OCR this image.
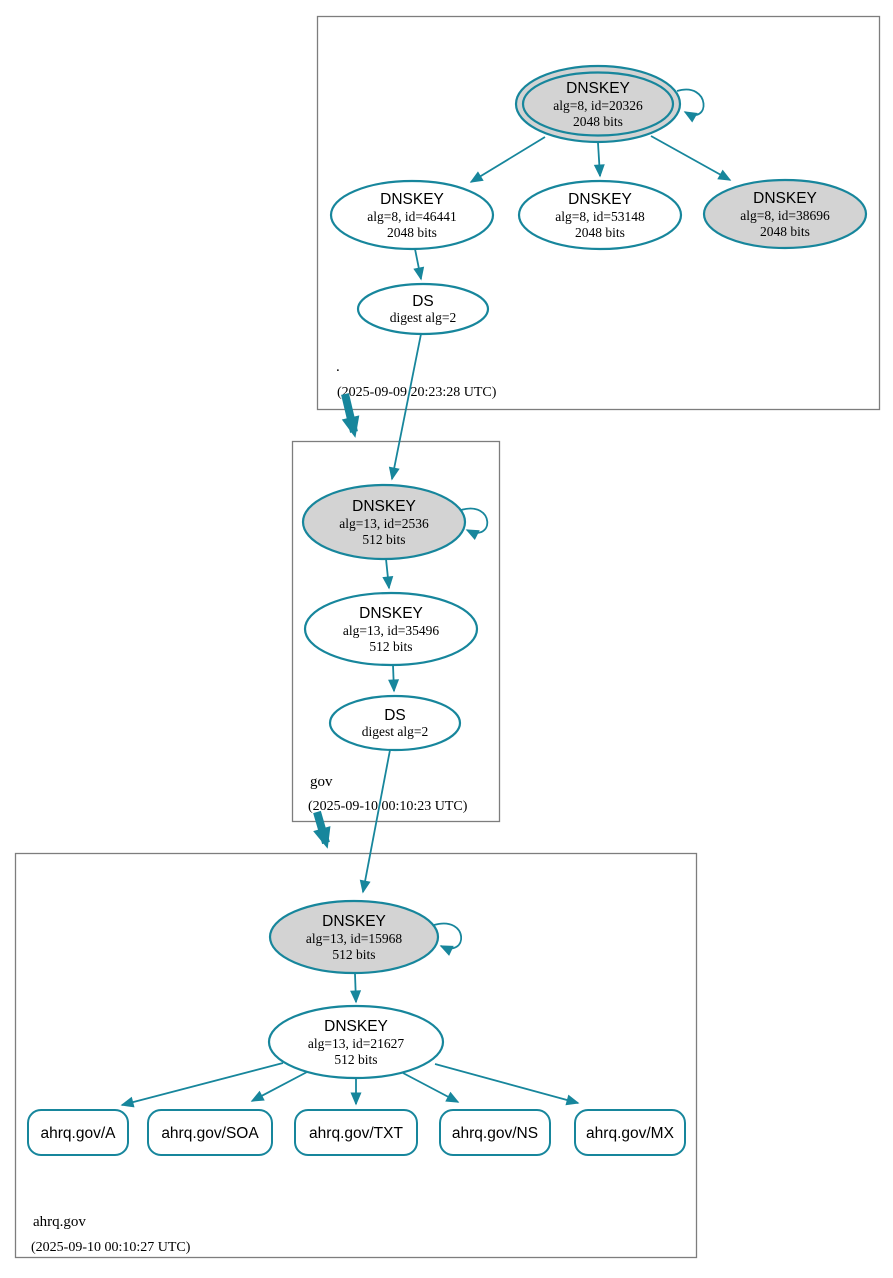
DNSKEY
alg=8, id=20326
2048 bits
DNSKEY
alg=8, id=46441
2048 bits
DNSKEY
alg=8, id=53148
2048 bits
DNSKEY
alg=8, id=38696
2048 bits
DS
digest alg=2
.
(2025-09-09 20:23:28 UTC)
DNSKEY
alg=13, id=2536
512 bits
DNSKEY
alg=13, id=35496
512 bits
DS
digest alg=2
gov
(2025-09-10 00:10:23 UTC)
DNSKEY
alg=13, id=15968
512 bits
DNSKEY
alg=13, id=21627
512 bits
ahrq.gov/A	ahrq.gov/SOA	ahrq.gov/TXT	ahrq.gov/NS	ahrq.gov/MX
ahrq.gov
(2025-09-10 00:10:27 UTC)
